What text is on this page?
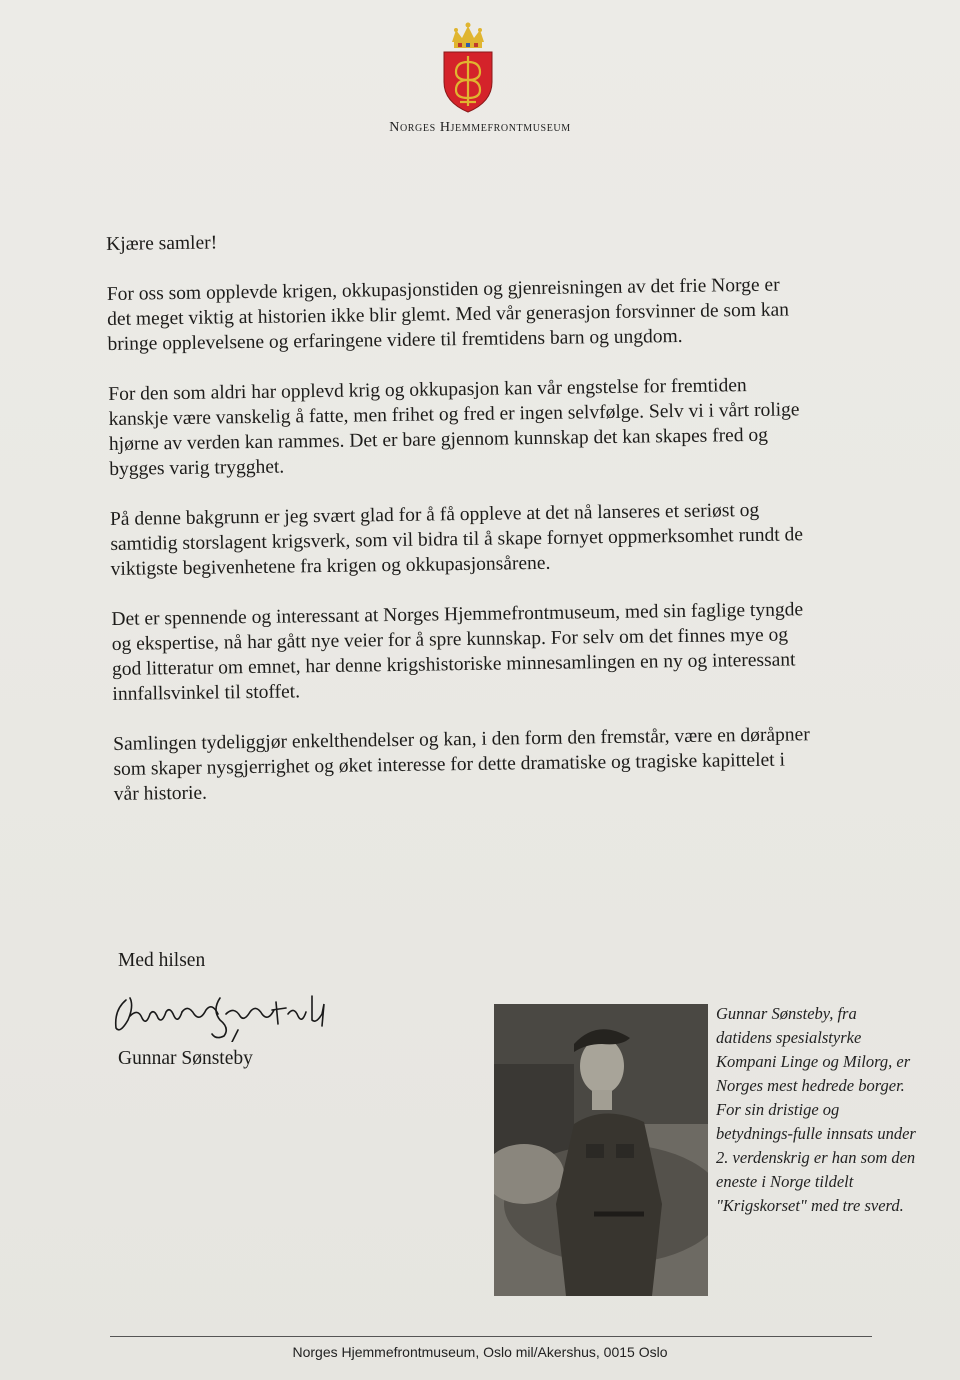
Norges Hjemmefrontmuseum

Kjære samler!

For oss som opplevde krigen, okkupasjonstiden og gjenreisningen av det frie Norge er det meget viktig at historien ikke blir glemt. Med vår generasjon forsvinner de som kan bringe opplevelsene og erfaringene videre til fremtidens barn og ungdom.

For den som aldri har opplevd krig og okkupasjon kan vår engstelse for fremtiden kanskje være vanskelig å fatte, men frihet og fred er ingen selvfølge. Selv vi i vårt rolige hjørne av verden kan rammes. Det er bare gjennom kunnskap det kan skapes fred og bygges varig trygghet.

På denne bakgrunn er jeg svært glad for å få oppleve at det nå lanseres et seriøst og samtidig storslagent krigsverk, som vil bidra til å skape fornyet oppmerksomhet rundt de viktigste begivenhetene fra krigen og okkupasjonsårene.

Det er spennende og interessant at Norges Hjemmefrontmuseum, med sin faglige tyngde og ekspertise, nå har gått nye veier for å spre kunnskap. For selv om det finnes mye og god litteratur om emnet, har denne krigshistoriske minnesamlingen en ny og interessant innfallsvinkel til stoffet.

Samlingen tydeliggjør enkelthendelser og kan, i den form den fremstår, være en døråpner som skaper nysgjerrighet og øket interesse for dette dramatiske og tragiske kapittelet i vår historie.

Med hilsen
Gunnar Sønsteby
Gunnar Sønsteby, fra datidens spesialstyrke Kompani Linge og Milorg, er Norges mest hedrede borger. For sin dristige og betydnings-fulle innsats under 2. verdenskrig er han som den eneste i Norge tildelt "Krigskorset" med tre sverd.
Norges Hjemmefrontmuseum, Oslo mil/Akershus, 0015 Oslo
